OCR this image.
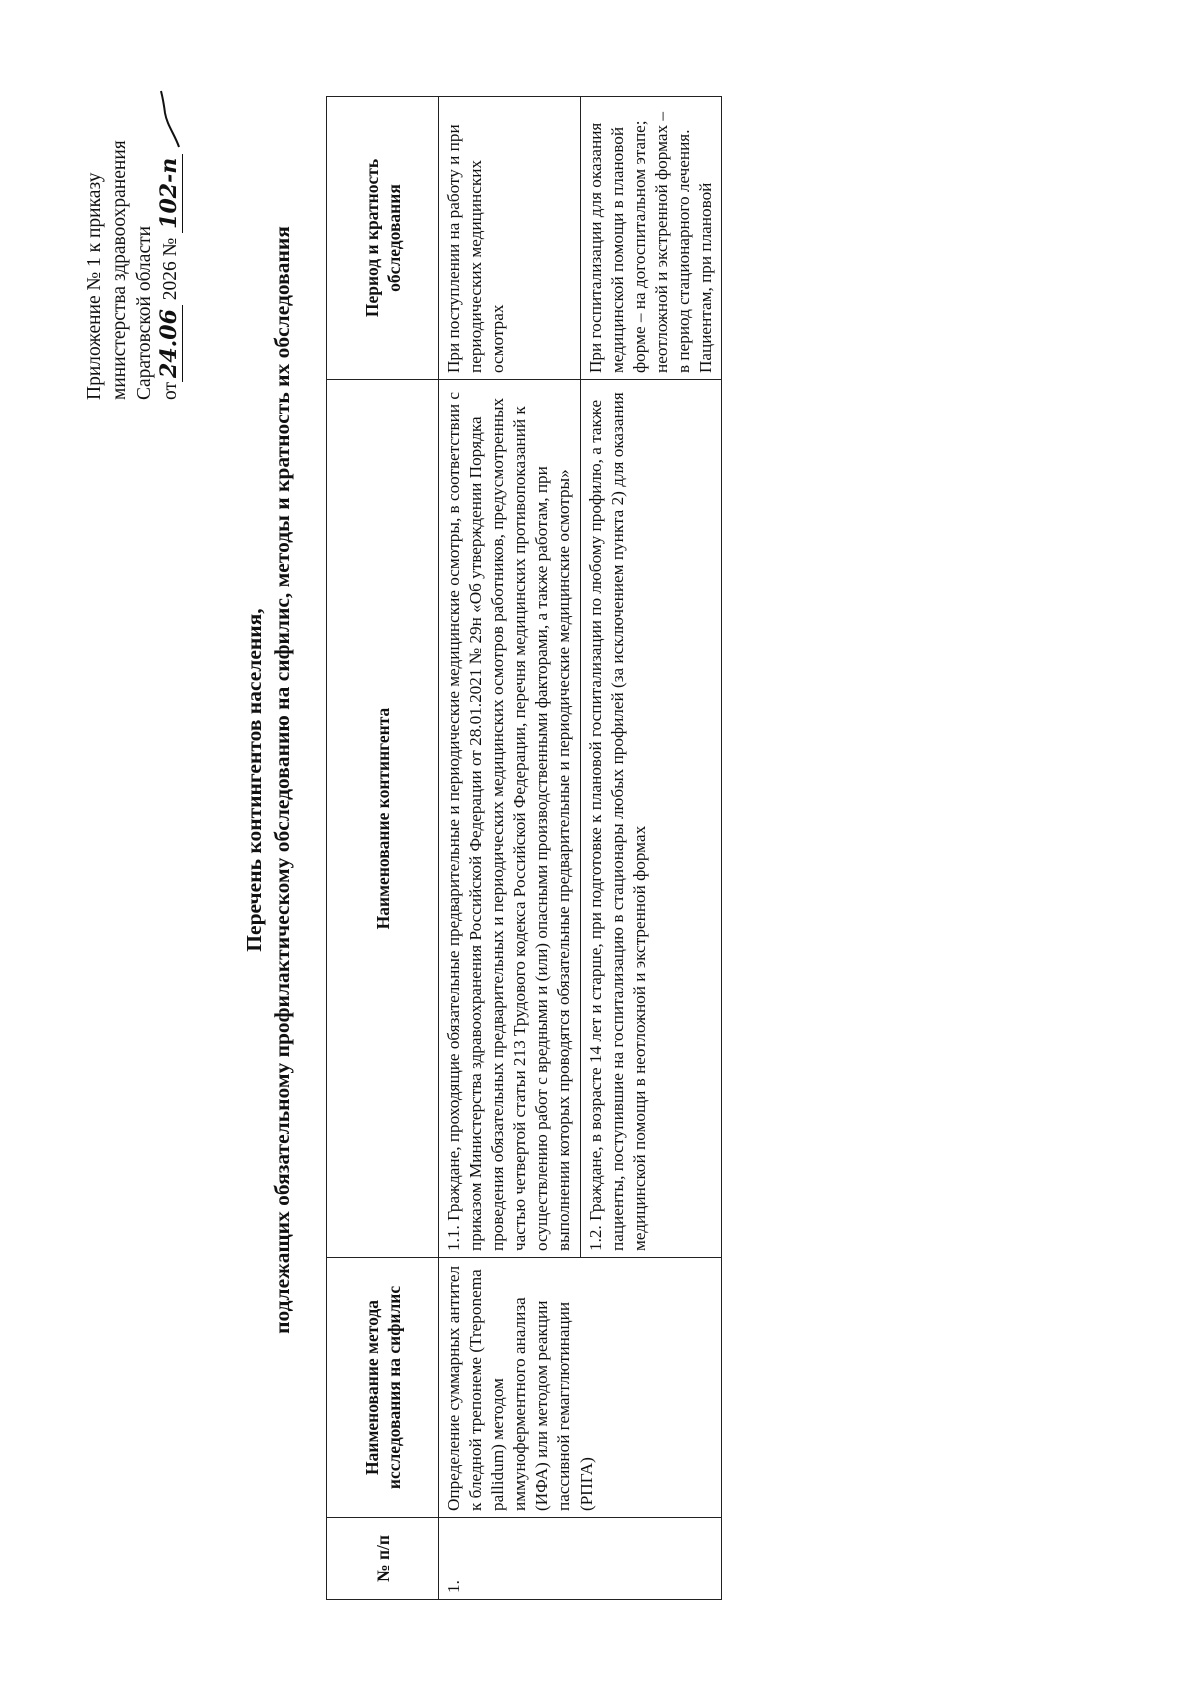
Приложение № 1 к приказу министерства здравоохранения Саратовской области от24.06 2026 № 102-п
Перечень контингентов населения, подлежащих обязательному профилактическому обследованию на сифилис, методы и кратность их обследования
№ п/п	Наименование метода исследования на сифилис	Наименование контингента	Период и кратность обследования
1.	Определение суммарных антител к бледной трепонеме (Treponema pallidum) методом иммуноферментного анализа (ИФА) или методом реакции пассивной гемагглютинации (РПГА)	1.1. Граждане, проходящие обязательные предварительные и периодические медицинские осмотры, в соответствии с приказом Министерства здравоохранения Российской Федерации от 28.01.2021 № 29н «Об утверждении Порядка проведения обязательных предварительных и периодических медицинских осмотров работников, предусмотренных частью четвертой статьи 213 Трудового кодекса Российской Федерации, перечня медицинских противопоказаний к осуществлению работ с вредными и (или) опасными производственными факторами, а также работам, при выполнении которых проводятся обязательные предварительные и периодические медицинские осмотры»	При поступлении на работу и при периодических медицинских осмотрах
		1.2. Граждане, в возрасте 14 лет и старше, при подготовке к плановой госпитализации по любому профилю, а также пациенты, поступившие на госпитализацию в стационары любых профилей (за исключением пункта 2) для оказания медицинской помощи в неотложной и экстренной формах	При госпитализации для оказания медицинской помощи в плановой форме – на догоспитальном этапе; неотложной и экстренной формах – в период стационарного лечения. Пациентам, при плановой
